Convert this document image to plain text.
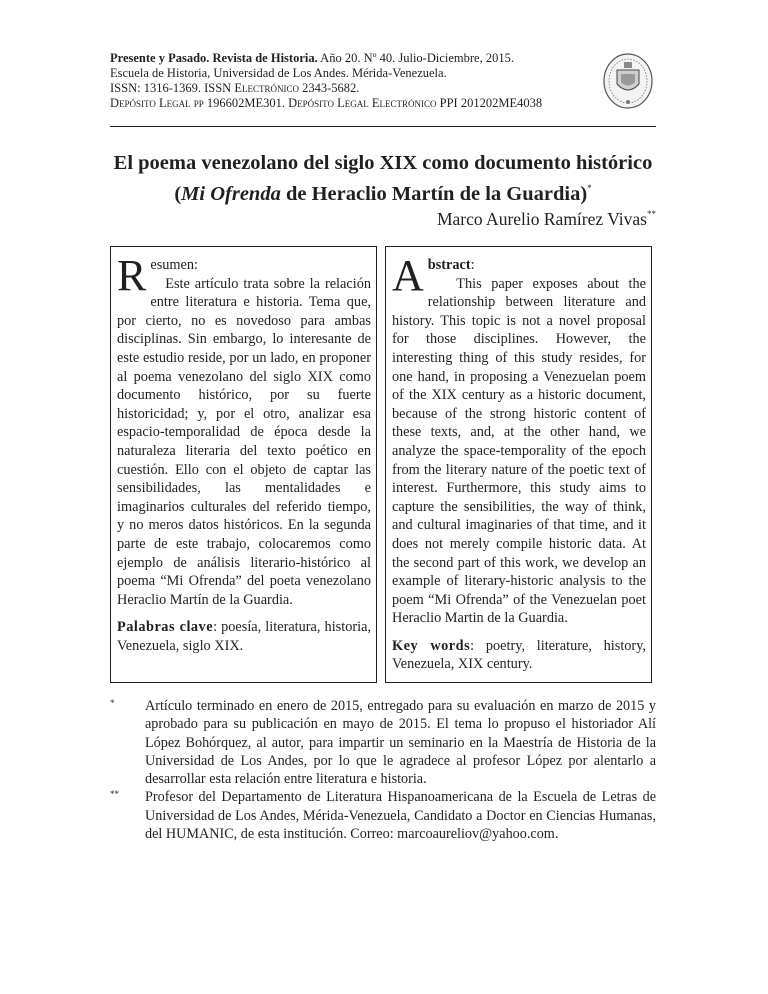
Presente y Pasado. Revista de Historia. Año 20. Nº 40. Julio-Diciembre, 2015.
Escuela de Historia, Universidad de Los Andes. Mérida-Venezuela.
ISSN: 1316-1369. ISSN Electrónico 2343-5682.
Depósito Legal pp 196602ME301. Depósito Legal Electrónico PPI 201202ME4038
El poema venezolano del siglo XIX como documento histórico
(Mi Ofrenda de Heraclio Martín de la Guardia)*
Marco Aurelio Ramírez Vivas**

Resumen:
Este artículo trata sobre la relación entre literatura e historia. Tema que, por cierto, no es novedoso para ambas disciplinas. Sin embargo, lo interesante de este estudio reside, por un lado, en proponer al poema venezolano del siglo XIX como documento histórico, por su fuerte historicidad; y, por el otro, analizar esa espacio-temporalidad de época desde la naturaleza literaria del texto poético en cuestión. Ello con el objeto de captar las sensibilidades, las mentalidades e imaginarios culturales del referido tiempo, y no meros datos históricos. En la segunda parte de este trabajo, colocaremos como ejemplo de análisis literario-histórico al poema “Mi Ofrenda” del poeta venezolano Heraclio Martín de la Guardia.

Palabras clave: poesía, literatura, historia, Venezuela, siglo XIX.

Abstract:
This paper exposes about the relationship between literature and history. This topic is not a novel proposal for those disciplines. However, the interesting thing of this study resides, for one hand, in proposing a Venezuelan poem of the XIX century as a historic document, because of the strong historic content of these texts, and, at the other hand, we analyze the space-temporality of the epoch from the literary nature of the poetic text of interest. Furthermore, this study aims to capture the sensibilities, the way of think, and cultural imaginaries of that time, and it does not merely compile historic data. At the second part of this work, we develop an example of literary-historic analysis to the poem “Mi Ofrenda” of the Venezuelan poet Heraclio Martin de la Guardia.

Key words: poetry, literature, history, Venezuela, XIX century.

* Artículo terminado en enero de 2015, entregado para su evaluación en marzo de 2015 y aprobado para su publicación en mayo de 2015. El tema lo propuso el historiador Alí López Bohórquez, al autor, para impartir un seminario en la Maestría de Historia de la Universidad de Los Andes, por lo que le agradece al profesor López por alentarlo a desarrollar esta relación entre literatura e historia.
** Profesor del Departamento de Literatura Hispanoamericana de la Escuela de Letras de Universidad de Los Andes, Mérida-Venezuela, Candidato a Doctor en Ciencias Humanas, del HUMANIC, de esta institución. Correo: marcoaureliov@yahoo.com.
